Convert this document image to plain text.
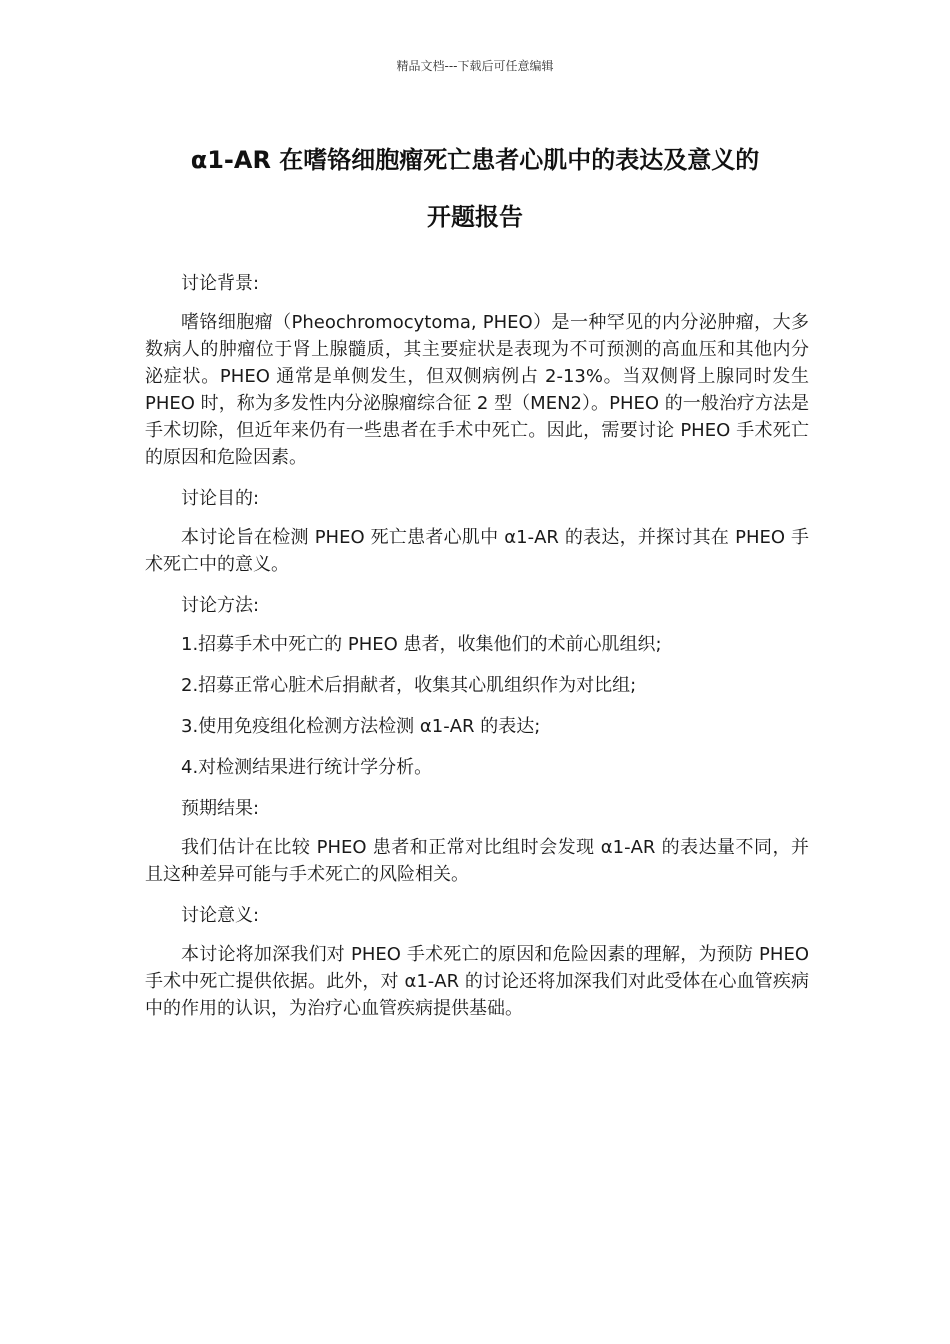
精品文档---下载后可任意编辑
α1-AR 在嗜铬细胞瘤死亡患者心肌中的表达及意义的
开题报告

讨论背景:

嗜铬细胞瘤（Pheochromocytoma, PHEO）是一种罕见的内分泌肿瘤，大多数病人的肿瘤位于肾上腺髓质，其主要症状是表现为不可预测的高血压和其他内分泌症状。PHEO 通常是单侧发生，但双侧病例占 2-13%。当双侧肾上腺同时发生 PHEO 时，称为多发性内分泌腺瘤综合征 2 型（MEN2）。PHEO 的一般治疗方法是手术切除，但近年来仍有一些患者在手术中死亡。因此，需要讨论 PHEO 手术死亡的原因和危险因素。

讨论目的:

本讨论旨在检测 PHEO 死亡患者心肌中 α1-AR 的表达，并探讨其在 PHEO 手术死亡中的意义。

讨论方法:

1.招募手术中死亡的 PHEO 患者，收集他们的术前心肌组织;

2.招募正常心脏术后捐献者，收集其心肌组织作为对比组;

3.使用免疫组化检测方法检测 α1-AR 的表达;

4.对检测结果进行统计学分析。

预期结果:

我们估计在比较 PHEO 患者和正常对比组时会发现 α1-AR 的表达量不同，并且这种差异可能与手术死亡的风险相关。

讨论意义:

本讨论将加深我们对 PHEO 手术死亡的原因和危险因素的理解，为预防 PHEO 手术中死亡提供依据。此外，对 α1-AR 的讨论还将加深我们对此受体在心血管疾病中的作用的认识，为治疗心血管疾病提供基础。
